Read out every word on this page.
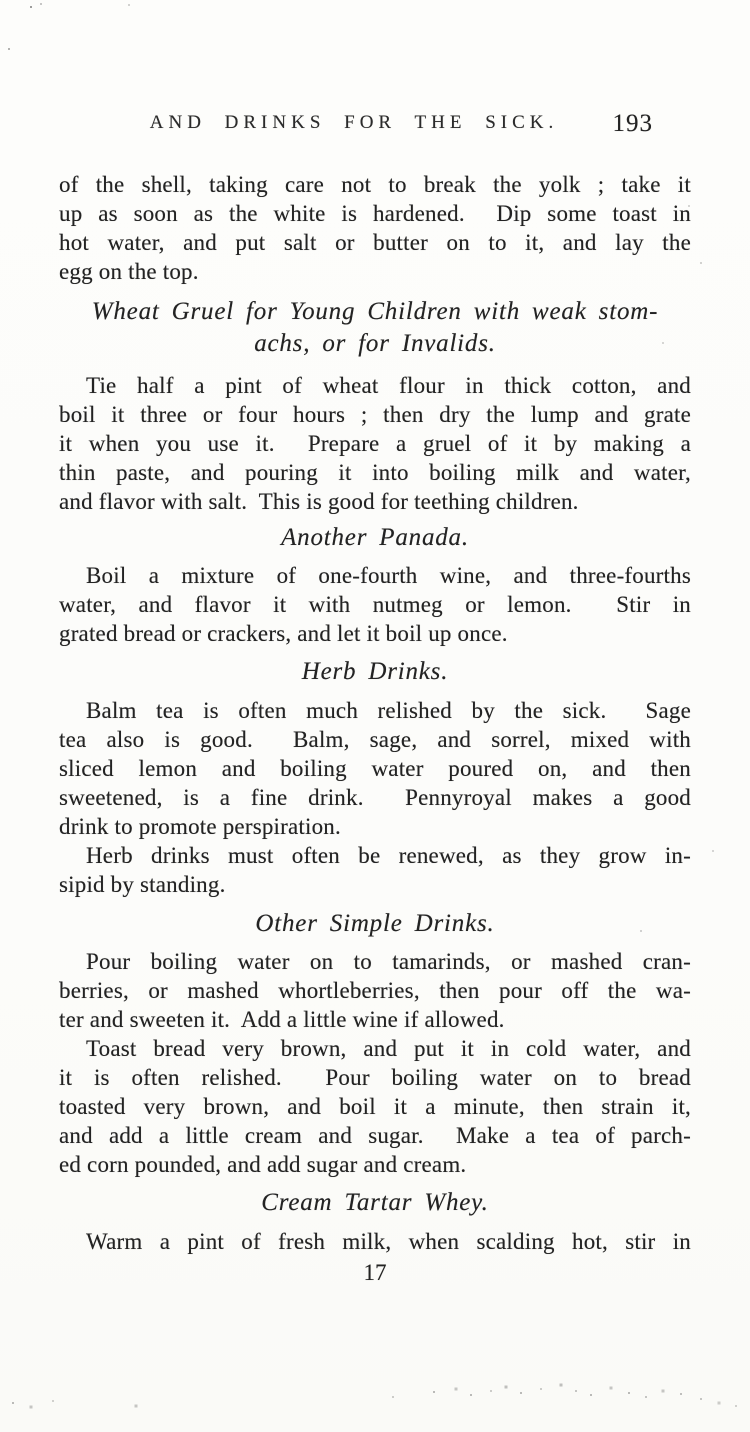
AND DRINKS FOR THE SICK.	193
of the shell, taking care not to break the yolk ; take it
up as soon as the white is hardened.  Dip some toast in
hot water, and put salt or butter on to it, and lay the
egg on the top.
Wheat Gruel for Young Children with weak stom-
achs, or for Invalids.
Tie half a pint of wheat flour in thick cotton, and
boil it three or four hours ; then dry the lump and grate
it when you use it.  Prepare a gruel of it by making a
thin paste, and pouring it into boiling milk and water,
and flavor with salt.  This is good for teething children.
Another Panada.
Boil a mixture of one-fourth wine, and three-fourths
water, and flavor it with nutmeg or lemon.  Stir in
grated bread or crackers, and let it boil up once.
Herb Drinks.
Balm tea is often much relished by the sick.  Sage
tea also is good.  Balm, sage, and sorrel, mixed with
sliced lemon and boiling water poured on, and then
sweetened, is a fine drink.  Pennyroyal makes a good
drink to promote perspiration.
Herb drinks must often be renewed, as they grow in-
sipid by standing.
Other Simple Drinks.
Pour boiling water on to tamarinds, or mashed cran-
berries, or mashed whortleberries, then pour off the wa-
ter and sweeten it.  Add a little wine if allowed.
Toast bread very brown, and put it in cold water, and
it is often relished.  Pour boiling water on to bread
toasted very brown, and boil it a minute, then strain it,
and add a little cream and sugar.  Make a tea of parch-
ed corn pounded, and add sugar and cream.
Cream Tartar Whey.
Warm a pint of fresh milk, when scalding hot, stir in
17
